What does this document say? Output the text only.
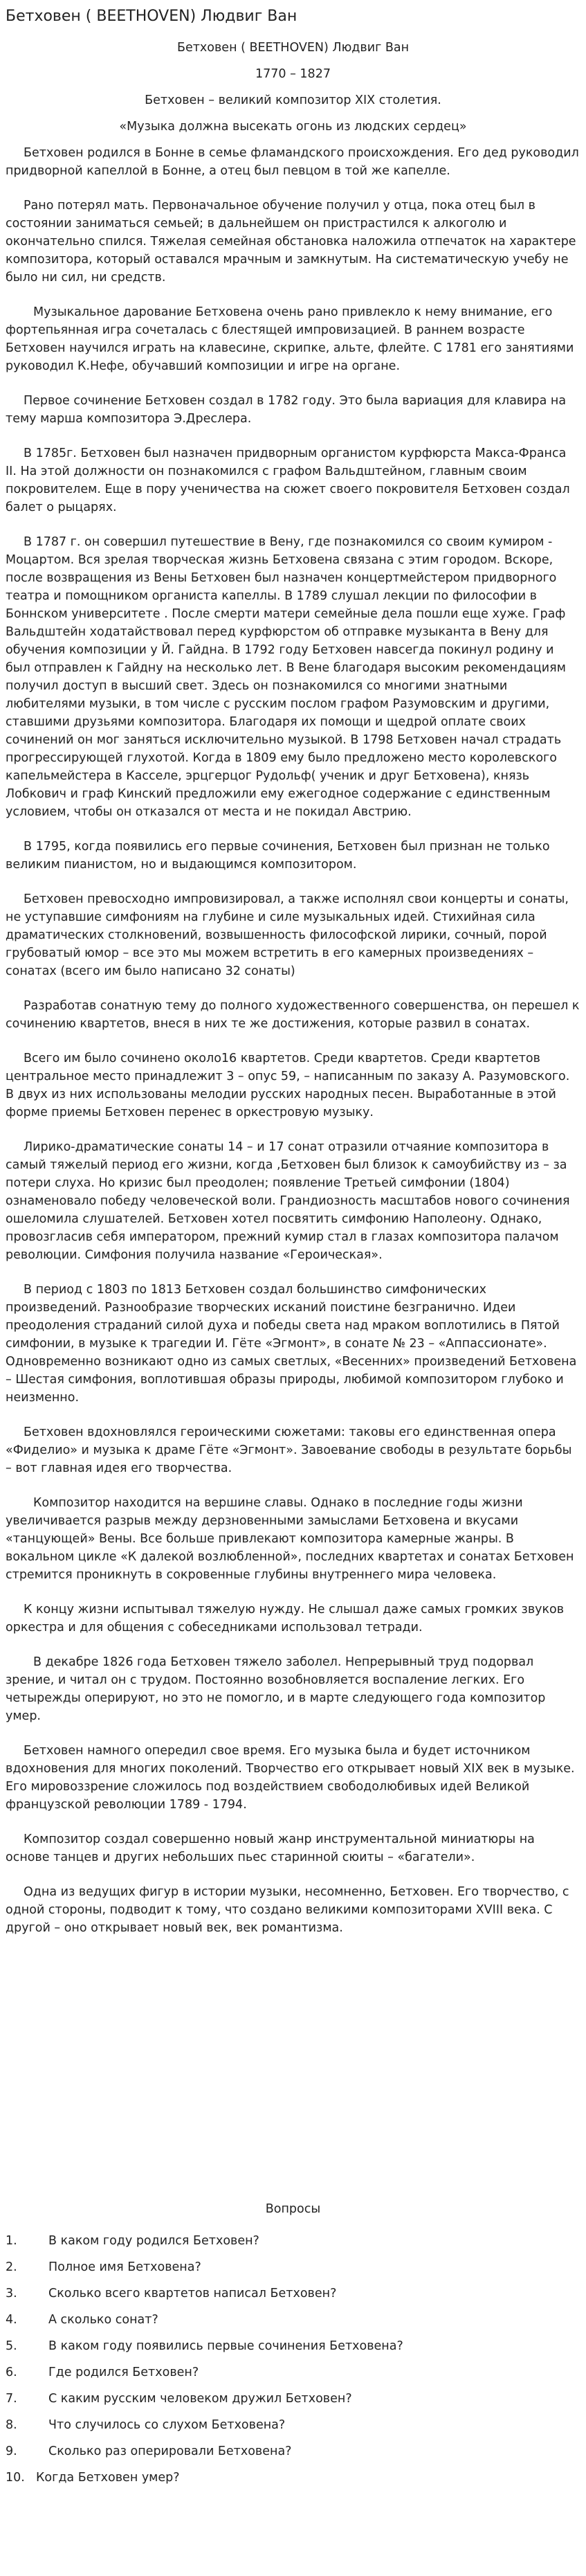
Бетховен ( BEETHOVEN) Людвиг Ван

Бетховен ( BEETHOVEN) Людвиг Ван

1770 – 1827

Бетховен – великий композитор XIX столетия.

«Музыка должна высекать огонь из людских сердец»

Бетховен родился в Бонне в семье фламандского происхождения. Его дед руководил придворной капеллой в Бонне, а отец был певцом в той же капелле.

Рано потерял мать. Первоначальное обучение получил у отца, пока отец был в состоянии заниматься семьей; в дальнейшем он пристрастился к алкоголю и окончательно спился. Тяжелая семейная обстановка наложила отпечаток на характере композитора, который оставался мрачным и замкнутым. На систематическую учебу не было ни сил, ни средств.

Музыкальное дарование Бетховена очень рано привлекло к нему внимание, его фортепьянная игра сочеталась с блестящей импровизацией. В раннем возрасте Бетховен научился играть на клавесине, скрипке, альте, флейте. С 1781 его занятиями руководил К.Нефе, обучавший композиции и игре на органе.

Первое сочинение Бетховен создал в 1782 году. Это была вариация для клавира на тему марша композитора Э.Дреслера.

В 1785г. Бетховен был назначен придворным органистом курфюрста Макса-Франса II. На этой должности он познакомился с графом Вальдштейном, главным своим покровителем. Еще в пору ученичества на сюжет своего покровителя Бетховен создал балет о рыцарях.

В 1787 г. он совершил путешествие в Вену, где познакомился со своим кумиром - Моцартом. Вся зрелая творческая жизнь Бетховена связана с этим городом. Вскоре, после возвращения из Вены Бетховен был назначен концертмейстером придворного театра и помощником органиста капеллы. В 1789 слушал лекции по философии в Боннском университете . После смерти матери семейные дела пошли еще хуже. Граф Вальдштейн ходатайствовал перед курфюрстом об отправке музыканта в Вену для обучения композиции у Й. Гайдна. В 1792 году Бетховен навсегда покинул родину и был отправлен к Гайдну на несколько лет. В Вене благодаря высоким рекомендациям получил доступ в высший свет. Здесь он познакомился со многими знатными любителями музыки, в том числе с русским послом графом Разумовским и другими, ставшими друзьями композитора. Благодаря их помощи и щедрой оплате своих сочинений он мог заняться исключительно музыкой. В 1798 Бетховен начал страдать прогрессирующей глухотой. Когда в 1809 ему было предложено место королевского капельмейстера в Касселе, эрцгерцог Рудольф( ученик и друг Бетховена), князь Лобкович и граф Кинский предложили ему ежегодное содержание с единственным условием, чтобы он отказался от места и не покидал Австрию.

В 1795, когда появились его первые сочинения, Бетховен был признан не только великим пианистом, но и выдающимся композитором.

Бетховен превосходно импровизировал, а также исполнял свои концерты и сонаты, не уступавшие симфониям на глубине и силе музыкальных идей. Стихийная сила драматических столкновений, возвышенность философской лирики, сочный, порой грубоватый юмор – все это мы можем встретить в его камерных произведениях – сонатах (всего им было написано 32 сонаты)

Разработав сонатную тему до полного художественного совершенства, он перешел к сочинению квартетов, внеся в них те же достижения, которые развил в сонатах.

Всего им было сочинено около16 квартетов. Среди квартетов. Среди квартетов центральное место принадлежит 3 – опус 59, – написанным по заказу А. Разумовского. В двух из них использованы мелодии русских народных песен. Выработанные в этой форме приемы Бетховен перенес в оркестровую музыку.

Лирико-драматические сонаты 14 – и 17 сонат отразили отчаяние композитора в самый тяжелый период его жизни, когда ,Бетховен был близок к самоубийству из – за потери слуха. Но кризис был преодолен; появление Третьей симфонии (1804) ознаменовало победу человеческой воли. Грандиозность масштабов нового сочинения ошеломила слушателей. Бетховен хотел посвятить симфонию Наполеону. Однако, провозгласив себя императором, прежний кумир стал в глазах композитора палачом революции. Симфония получила название «Героическая».

В период с 1803 по 1813 Бетховен создал большинство симфонических произведений. Разнообразие творческих исканий поистине безгранично. Идеи преодоления страданий силой духа и победы света над мраком воплотились в Пятой симфонии, в музыке к трагедии И. Гёте «Эгмонт», в сонате № 23 – «Аппассионате». Одновременно возникают одно из самых светлых, «Весенних» произведений Бетховена – Шестая симфония, воплотившая образы природы, любимой композитором глубоко и неизменно.

Бетховен вдохновлялся героическими сюжетами: таковы его единственная опера «Фиделио» и музыка к драме Гёте «Эгмонт». Завоевание свободы в результате борьбы – вот главная идея его творчества.

Композитор находится на вершине славы. Однако в последние годы жизни увеличивается разрыв между дерзновенными замыслами Бетховена и вкусами «танцующей» Вены. Все больше привлекают композитора камерные жанры. В вокальном цикле «К далекой возлюбленной», последних квартетах и сонатах Бетховен стремится проникнуть в сокровенные глубины внутреннего мира человека.

К концу жизни испытывал тяжелую нужду. Не слышал даже самых громких звуков оркестра и для общения с собеседниками использовал тетради.

В декабре 1826 года Бетховен тяжело заболел. Непрерывный труд подорвал зрение, и читал он с трудом. Постоянно возобновляется воспаление легких. Его четырежды оперируют, но это не помогло, и в марте следующего года композитор умер.

Бетховен намного опередил свое время. Его музыка была и будет источником вдохновения для многих поколений. Творчество его открывает новый XIX век в музыке. Его мировоззрение сложилось под воздействием свободолюбивых идей Великой французской революции 1789 - 1794.

Композитор создал совершенно новый жанр инструментальной миниатюры на основе танцев и других небольших пьес старинной сюиты – «багатели».

Одна из ведущих фигур в истории музыки, несомненно, Бетховен. Его творчество, с одной стороны, подводит к тому, что создано великими композиторами XVIII века. С другой – оно открывает новый век, век романтизма.

Вопросы

1.	В каком году родился Бетховен?
2.	Полное имя Бетховена?
3.	Сколько всего квартетов написал Бетховен?
4.	А сколько сонат?
5.	В каком году появились первые сочинения Бетховена?
6.	Где родился Бетховен?
7.	С каким русским человеком дружил Бетховен?
8.	Что случилось со слухом Бетховена?
9.	Сколько раз оперировали Бетховена?
10. Когда Бетховен умер?
